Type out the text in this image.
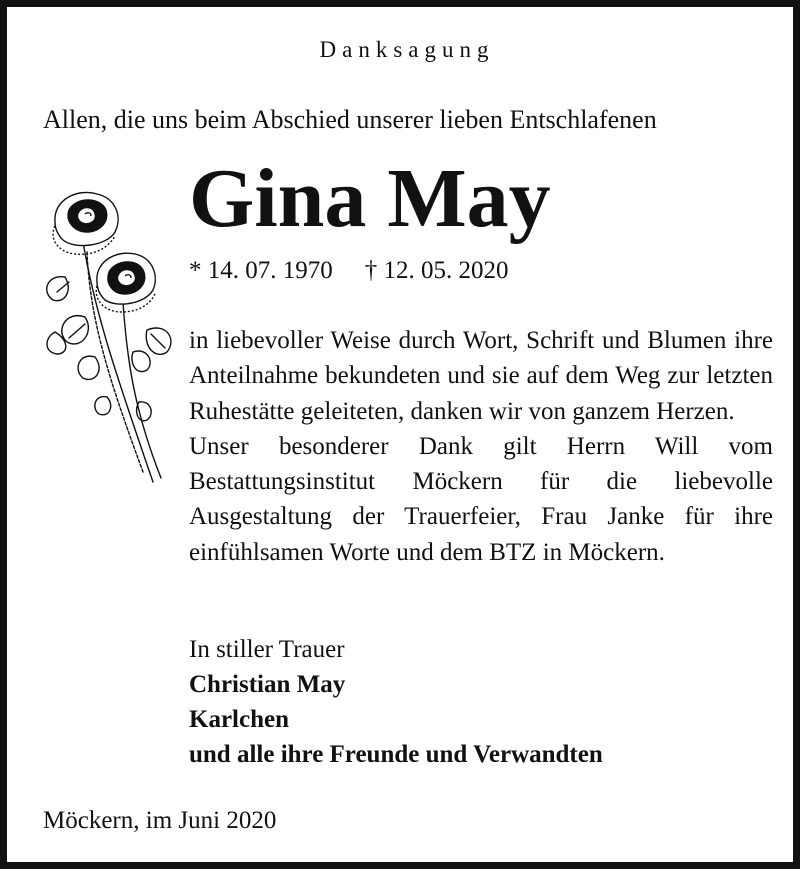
Danksagung
Allen, die uns beim Abschied unserer lieben Entschlafenen
Gina May
* 14. 07. 1970 † 12. 05. 2020

in liebevoller Weise durch Wort, Schrift und Blumen ihre Anteilnahme bekundeten und sie auf dem Weg zur letzten Ruhestätte geleiteten, danken wir von ganzem Herzen.

Unser besonderer Dank gilt Herrn Will vom Bestattungsinstitut Möckern für die liebevolle Ausgestaltung der Trauerfeier, Frau Janke für ihre einfühlsamen Worte und dem BTZ in Möckern.

In stiller Trauer
Christian May
Karlchen
und alle ihre Freunde und Verwandten
Möckern, im Juni 2020
